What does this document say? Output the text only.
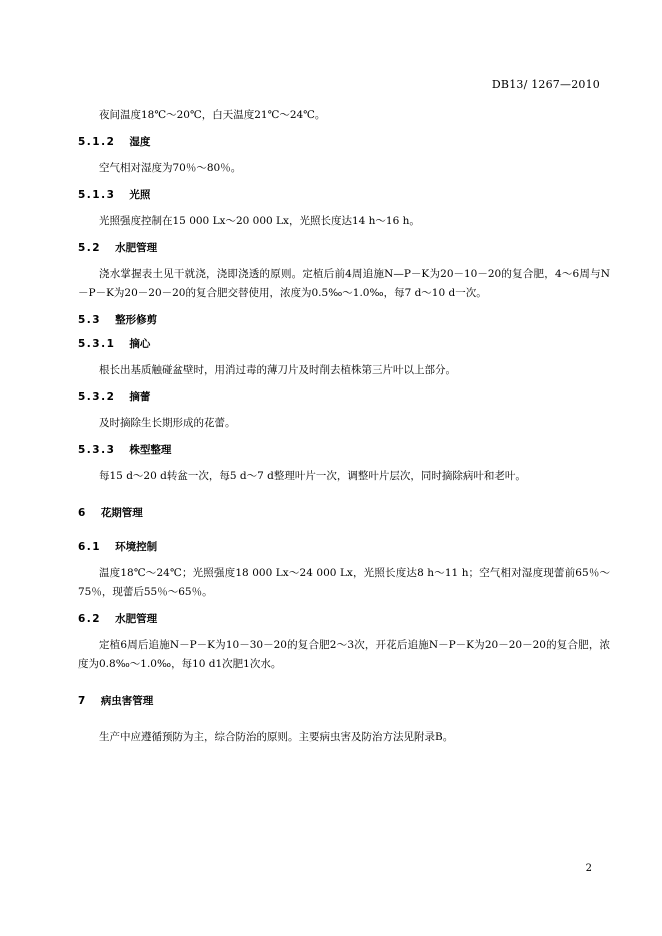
DB13/ 1267—2010

夜间温度18℃～20℃，白天温度21℃～24℃。

5.1.2 湿度

空气相对湿度为70％～80％。

5.1.3 光照

光照强度控制在15 000 Lx～20 000 Lx，光照长度达14 h～16 h。

5.2 水肥管理

浇水掌握表土见干就浇，浇即浇透的原则。定植后前4周追施N—P－K为20－10－20的复合肥，4～6周与N－P－K为20－20－20的复合肥交替使用，浓度为0.5‰～1.0‰，每7 d～10 d一次。

5.3 整形修剪
5.3.1 摘心

根长出基质触碰盆壁时，用消过毒的薄刀片及时削去植株第三片叶以上部分。

5.3.2 摘蕾

及时摘除生长期形成的花蕾。

5.3.3 株型整理

每15 d～20 d转盆一次，每5 d～7 d整理叶片一次，调整叶片层次，同时摘除病叶和老叶。

6 花期管理
6.1 环境控制

温度18℃～24℃；光照强度18 000 Lx～24 000 Lx，光照长度达8 h～11 h；空气相对湿度现蕾前65％～75％，现蕾后55％～65％。

6.2 水肥管理

定植6周后追施N－P－K为10－30－20的复合肥2～3次，开花后追施N－P－K为20－20－20的复合肥，浓度为0.8‰～1.0‰，每10 d1次肥1次水。

7 病虫害管理

生产中应遵循预防为主，综合防治的原则。主要病虫害及防治方法见附录B。

2
